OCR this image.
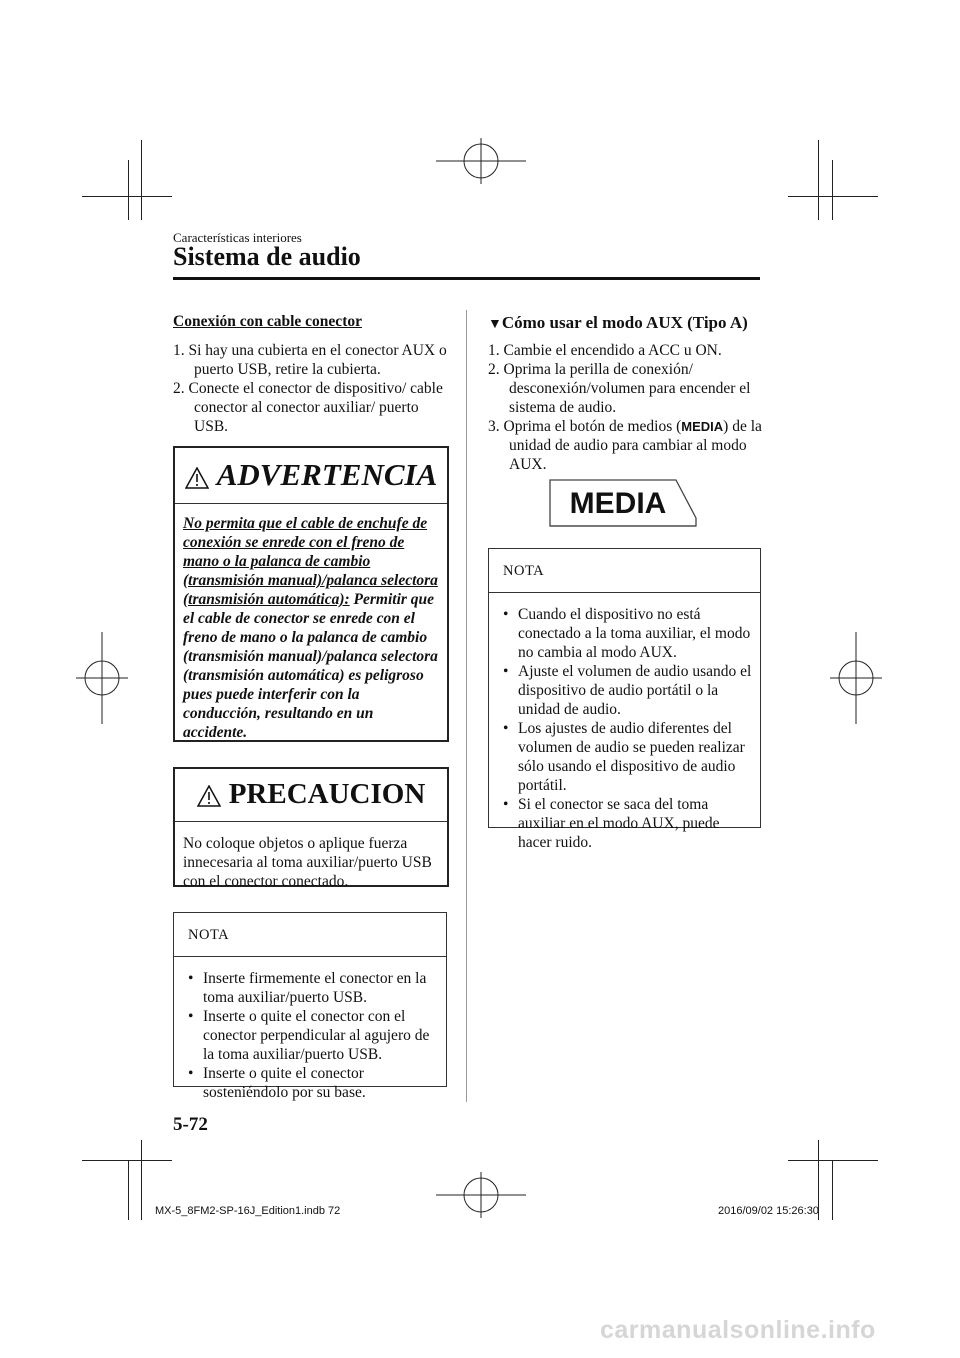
Características interiores
Sistema de audio
Conexión con cable conector
1. Si hay una cubierta en el conector AUX o puerto USB, retire la cubierta.
2. Conecte el conector de dispositivo/ cable conector al conector auxiliar/ puerto USB.
ADVERTENCIA
No permita que el cable de enchufe de conexión se enrede con el freno de mano o la palanca de cambio (transmisión manual)/palanca selectora (transmisión automática): Permitir que el cable de conector se enrede con el freno de mano o la palanca de cambio (transmisión manual)/palanca selectora (transmisión automática) es peligroso pues puede interferir con la conducción, resultando en un accidente.
PRECAUCION
No coloque objetos o aplique fuerza innecesaria al toma auxiliar/puerto USB con el conector conectado.
NOTA
• Inserte firmemente el conector en la toma auxiliar/puerto USB.
• Inserte o quite el conector con el conector perpendicular al agujero de la toma auxiliar/puerto USB.
• Inserte o quite el conector sosteniéndolo por su base.
▼Cómo usar el modo AUX (Tipo A)
1. Cambie el encendido a ACC u ON.
2. Oprima la perilla de conexión/ desconexión/volumen para encender el sistema de audio.
3. Oprima el botón de medios (MEDIA) de la unidad de audio para cambiar al modo AUX.
MEDIA
NOTA
• Cuando el dispositivo no está conectado a la toma auxiliar, el modo no cambia al modo AUX.
• Ajuste el volumen de audio usando el dispositivo de audio portátil o la unidad de audio.
• Los ajustes de audio diferentes del volumen de audio se pueden realizar sólo usando el dispositivo de audio portátil.
• Si el conector se saca del toma auxiliar en el modo AUX, puede hacer ruido.
5-72
MX-5_8FM2-SP-16J_Edition1.indb 72	2016/09/02 15:26:30
carmanualsonline.info
